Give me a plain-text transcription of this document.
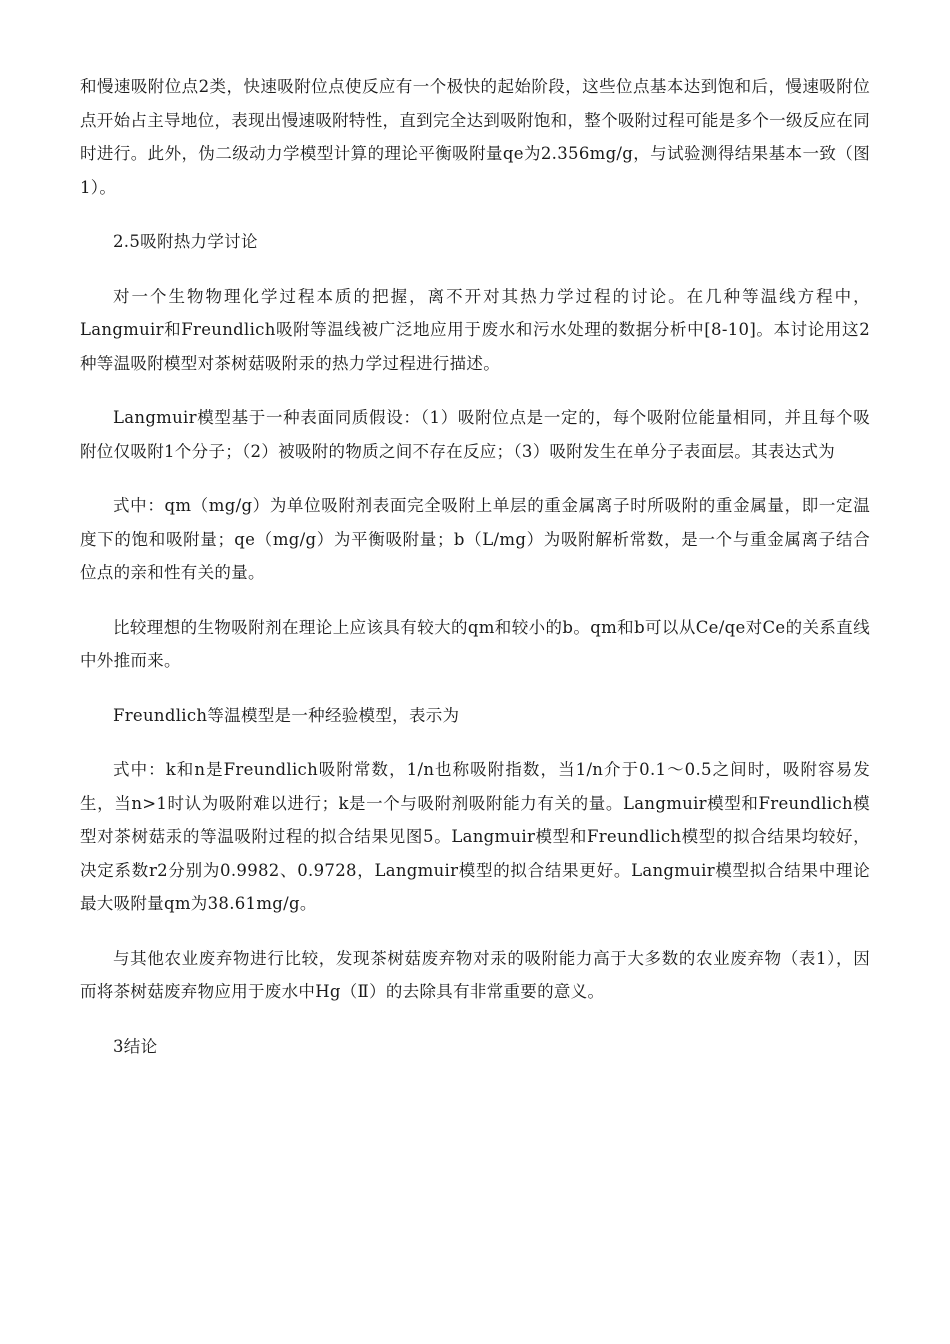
和慢速吸附位点2类，快速吸附位点使反应有一个极快的起始阶段，这些位点基本达到饱和后，慢速吸附位点开始占主导地位，表现出慢速吸附特性，直到完全达到吸附饱和，整个吸附过程可能是多个一级反应在同时进行。此外，伪二级动力学模型计算的理论平衡吸附量qe为2.356mg/g，与试验测得结果基本一致（图1）。

2.5吸附热力学讨论

对一个生物物理化学过程本质的把握，离不开对其热力学过程的讨论。在几种等温线方程中，Langmuir和Freundlich吸附等温线被广泛地应用于废水和污水处理的数据分析中[8-10]。本讨论用这2种等温吸附模型对茶树菇吸附汞的热力学过程进行描述。

Langmuir模型基于一种表面同质假设：（1）吸附位点是一定的，每个吸附位能量相同，并且每个吸附位仅吸附1个分子；（2）被吸附的物质之间不存在反应；（3）吸附发生在单分子表面层。其表达式为

式中：qm（mg/g）为单位吸附剂表面完全吸附上单层的重金属离子时所吸附的重金属量，即一定温度下的饱和吸附量；qe（mg/g）为平衡吸附量；b（L/mg）为吸附解析常数，是一个与重金属离子结合位点的亲和性有关的量。

比较理想的生物吸附剂在理论上应该具有较大的qm和较小的b。qm和b可以从Ce/qe对Ce的关系直线中外推而来。

Freundlich等温模型是一种经验模型，表示为

式中：k和n是Freundlich吸附常数，1/n也称吸附指数，当1/n介于0.1～0.5之间时，吸附容易发生，当n>1时认为吸附难以进行；k是一个与吸附剂吸附能力有关的量。Langmuir模型和Freundlich模型对茶树菇汞的等温吸附过程的拟合结果见图5。Langmuir模型和Freundlich模型的拟合结果均较好，决定系数r2分别为0.9982、0.9728，Langmuir模型的拟合结果更好。Langmuir模型拟合结果中理论最大吸附量qm为38.61mg/g。

与其他农业废弃物进行比较，发现茶树菇废弃物对汞的吸附能力高于大多数的农业废弃物（表1），因而将茶树菇废弃物应用于废水中Hg（Ⅱ）的去除具有非常重要的意义。

3结论
